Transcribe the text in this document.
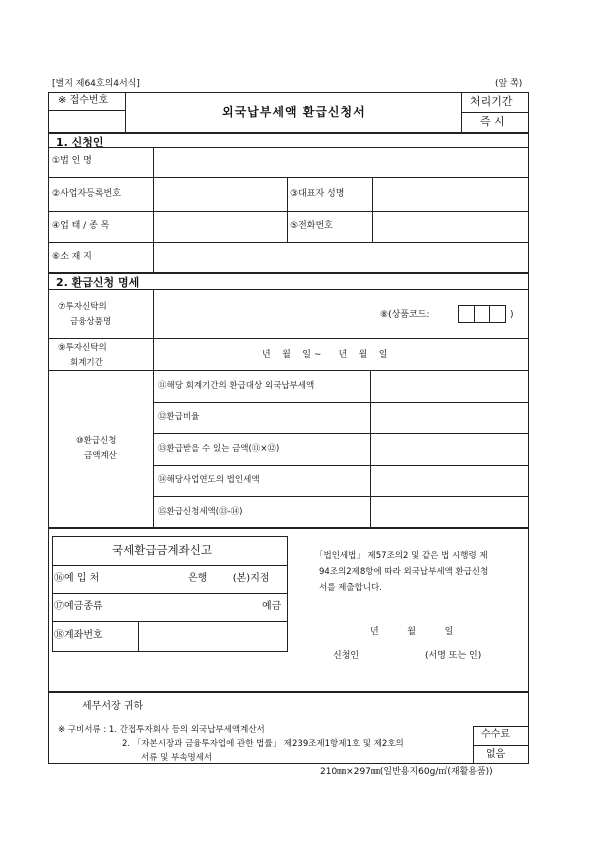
[별지 제64호의4서식]	(앞 쪽)
※ 접수번호
외국납부세액 환급신청서
처리기간
즉 시
1. 신청인
①법 인 명
②사업자등록번호	③대표자 성명
④업 태 / 종 목	⑤전화번호
⑥소 재 지
2. 환급신청 명세
⑦투자신탁의
금융상품명
⑧(상품코드:	)
⑨투자신탁의
회계기간
년    월    일 ~      년    월    일
⑩환급신청
금액계산
⑪해당 회계기간의 환급대상 외국납부세액
⑫환급비율
⑬환급받을 수 있는 금액(⑪×⑫)
⑭해당사업연도의 법인세액
⑮환급신청세액(⑬-⑭)
국세환급금계좌신고
⑯예 입 처	은행        (본)지점
⑰예금종류	예금
⑱계좌번호
「법인세법」 제57조의2 및 같은 법 시행령 제
94조의2제8항에 따라 외국납부세액 환급신청
서를 제출합니다.
년          월          일
신청인	(서명 또는 인)
세무서장 귀하
※ 구비서류 : 1. 간접투자회사 등의 외국납부세액계산서
2. 「자본시장과 금융투자업에 관한 법률」 제239조제1항제1호 및 제2호의
서류 및 부속명세서
수수료
없음
210㎜×297㎜(일반용지60g/㎡(재활용품))
